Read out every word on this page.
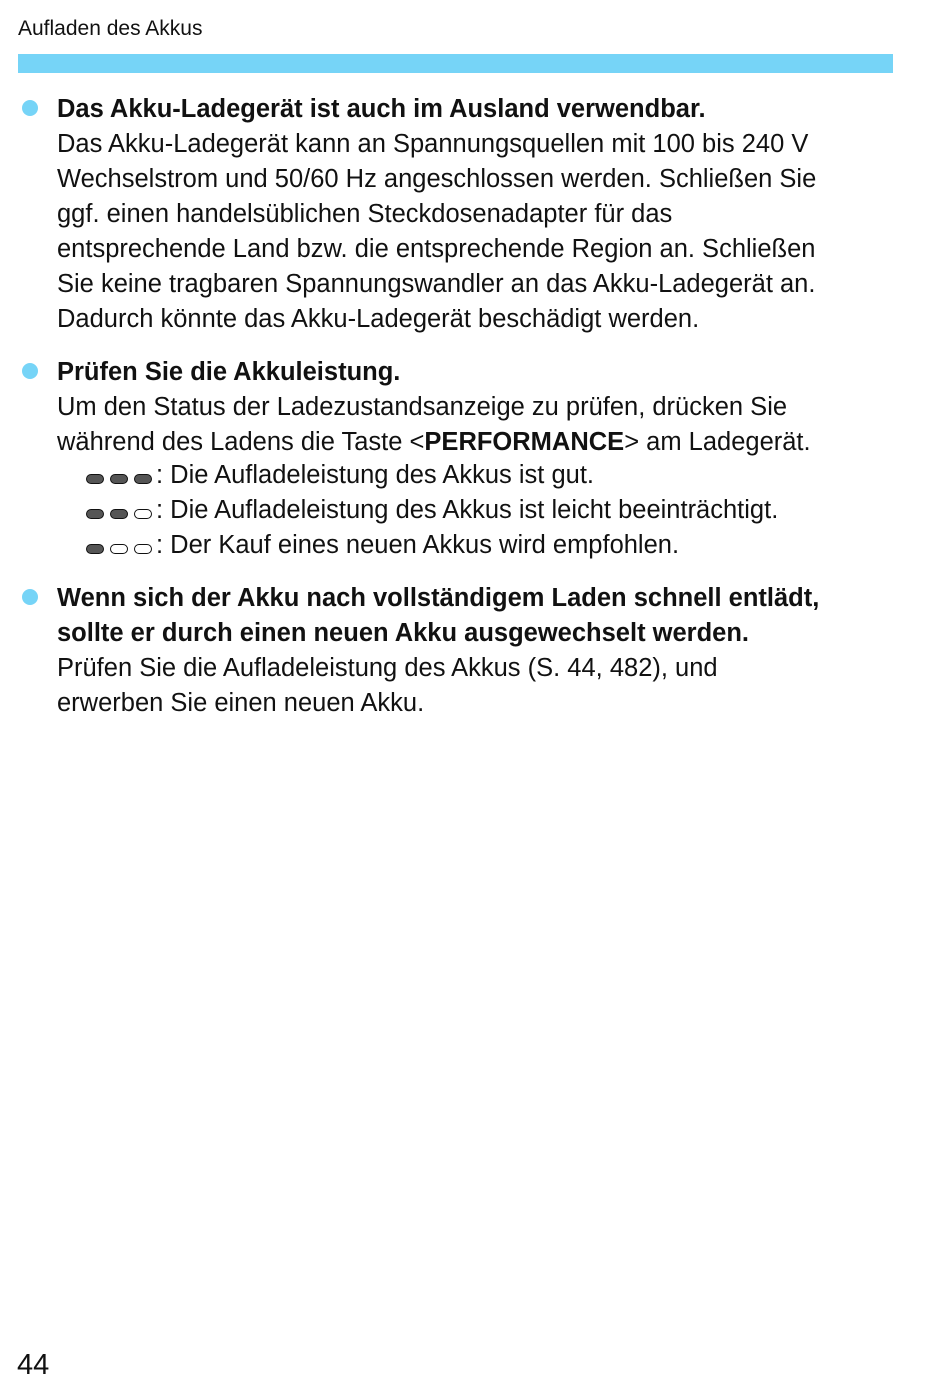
Aufladen des Akkus
Das Akku-Ladegerät ist auch im Ausland verwendbar.
Das Akku-Ladegerät kann an Spannungsquellen mit 100 bis 240 V
Wechselstrom und 50/60 Hz angeschlossen werden. Schließen Sie
ggf. einen handelsüblichen Steckdosenadapter für das
entsprechende Land bzw. die entsprechende Region an. Schließen
Sie keine tragbaren Spannungswandler an das Akku-Ladegerät an.
Dadurch könnte das Akku-Ladegerät beschädigt werden.
Prüfen Sie die Akkuleistung.
Um den Status der Ladezustandsanzeige zu prüfen, drücken Sie
während des Ladens die Taste <PERFORMANCE> am Ladegerät.
: Die Aufladeleistung des Akkus ist gut.
: Die Aufladeleistung des Akkus ist leicht beeinträchtigt.
: Der Kauf eines neuen Akkus wird empfohlen.
Wenn sich der Akku nach vollständigem Laden schnell entlädt,
sollte er durch einen neuen Akku ausgewechselt werden.
Prüfen Sie die Aufladeleistung des Akkus (S. 44, 482), und
erwerben Sie einen neuen Akku.
44
